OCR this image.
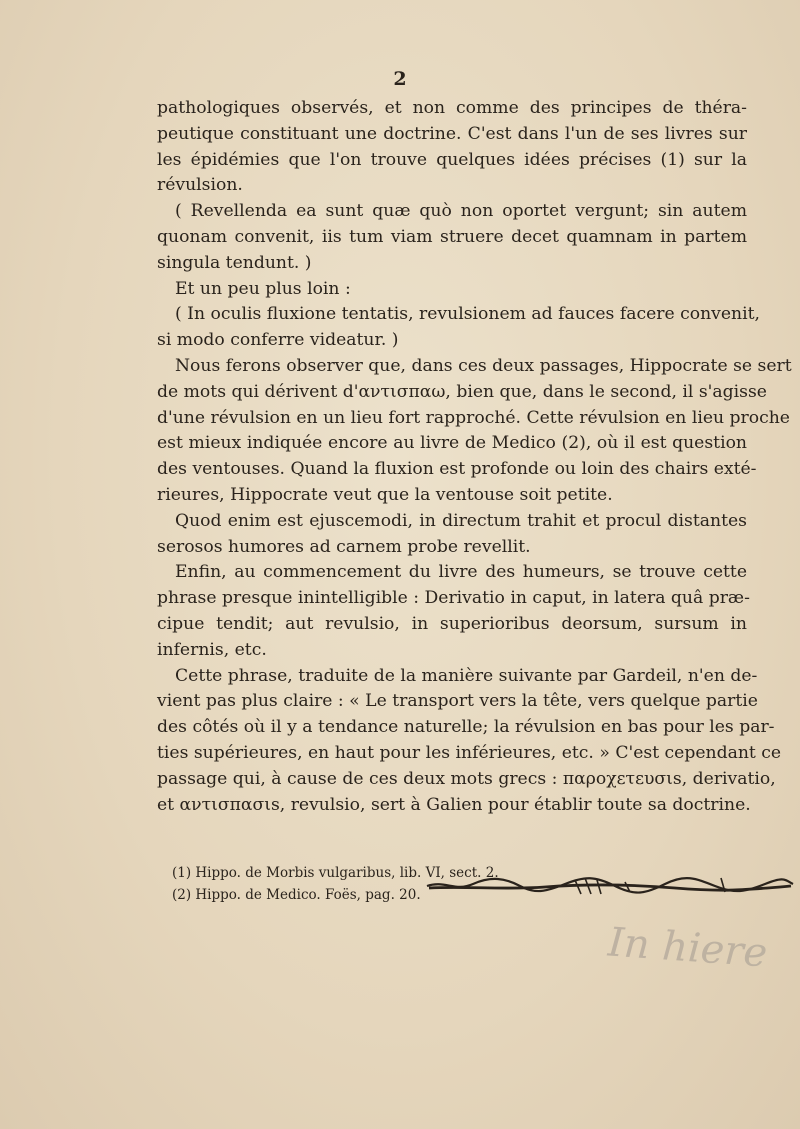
2
pathologiques observés, et non comme des principes de théra-
peutique constituant une doctrine. C'est dans l'un de ses livres sur
les épidémies que l'on trouve quelques idées précises (1) sur la
révulsion.
( Revellenda ea sunt quæ quò non oportet vergunt; sin autem
quonam convenit, iis tum viam struere decet quamnam in partem
singula tendunt. )
Et un peu plus loin :
( In oculis fluxione tentatis, revulsionem ad fauces facere convenit,
si modo conferre videatur. )
Nous ferons observer que, dans ces deux passages, Hippocrate se sert
de mots qui dérivent d'αντισπαω, bien que, dans le second, il s'agisse
d'une révulsion en un lieu fort rapproché. Cette révulsion en lieu proche
est mieux indiquée encore au livre de Medico (2), où il est question
des ventouses. Quand la fluxion est profonde ou loin des chairs exté-
rieures, Hippocrate veut que la ventouse soit petite.
Quod enim est ejuscemodi, in directum trahit et procul distantes
serosos humores ad carnem probe revellit.
Enfin, au commencement du livre des humeurs, se trouve cette
phrase presque inintelligible : Derivatio in caput, in latera quâ præ-
cipue tendit; aut revulsio, in superioribus deorsum, sursum in
infernis, etc.
Cette phrase, traduite de la manière suivante par Gardeil, n'en de-
vient pas plus claire : « Le transport vers la tête, vers quelque partie
des côtés où il y a tendance naturelle; la révulsion en bas pour les par-
ties supérieures, en haut pour les inférieures, etc. » C'est cependant ce
passage qui, à cause de ces deux mots grecs : παροχετευσιs, derivatio,
et αντισπασιs, revulsio, sert à Galien pour établir toute sa doctrine.
(1) Hippo. de Morbis vulgaribus, lib. VI, sect. 2.
(2) Hippo. de Medico. Foës, pag. 20.
In hiere
